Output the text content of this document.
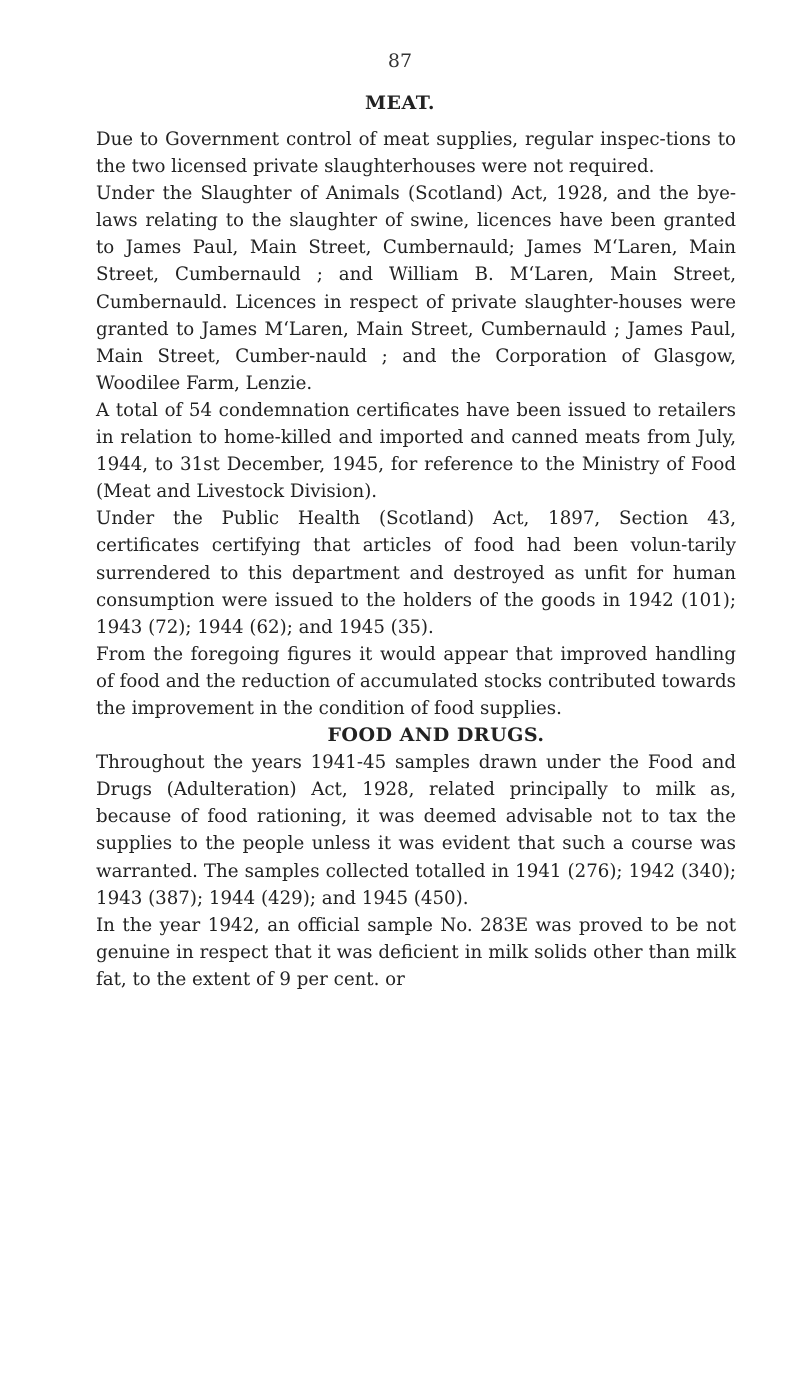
87
MEAT.

Due to Government control of meat supplies, regular inspec-tions to the two licensed private slaughterhouses were not required.

Under the Slaughter of Animals (Scotland) Act, 1928, and the bye-laws relating to the slaughter of swine, licences have been granted to James Paul, Main Street, Cumbernauld; James M‘Laren, Main Street, Cumbernauld ; and William B. M‘Laren, Main Street, Cumbernauld. Licences in respect of private slaughter-houses were granted to James M‘Laren, Main Street, Cumbernauld ; James Paul, Main Street, Cumber-nauld ; and the Corporation of Glasgow, Woodilee Farm, Lenzie.

A total of 54 condemnation certificates have been issued to retailers in relation to home-killed and imported and canned meats from July, 1944, to 31st December, 1945, for reference to the Ministry of Food (Meat and Livestock Division).

Under the Public Health (Scotland) Act, 1897, Section 43, certificates certifying that articles of food had been volun-tarily surrendered to this department and destroyed as unfit for human consumption were issued to the holders of the goods in 1942 (101); 1943 (72); 1944 (62); and 1945 (35).

From the foregoing figures it would appear that improved handling of food and the reduction of accumulated stocks contributed towards the improvement in the condition of food supplies.

FOOD AND DRUGS.

Throughout the years 1941-45 samples drawn under the Food and Drugs (Adulteration) Act, 1928, related principally to milk as, because of food rationing, it was deemed advisable not to tax the supplies to the people unless it was evident that such a course was warranted. The samples collected totalled in 1941 (276); 1942 (340); 1943 (387); 1944 (429); and 1945 (450).

In the year 1942, an official sample No. 283E was proved to be not genuine in respect that it was deficient in milk solids other than milk fat, to the extent of 9 per cent. or
